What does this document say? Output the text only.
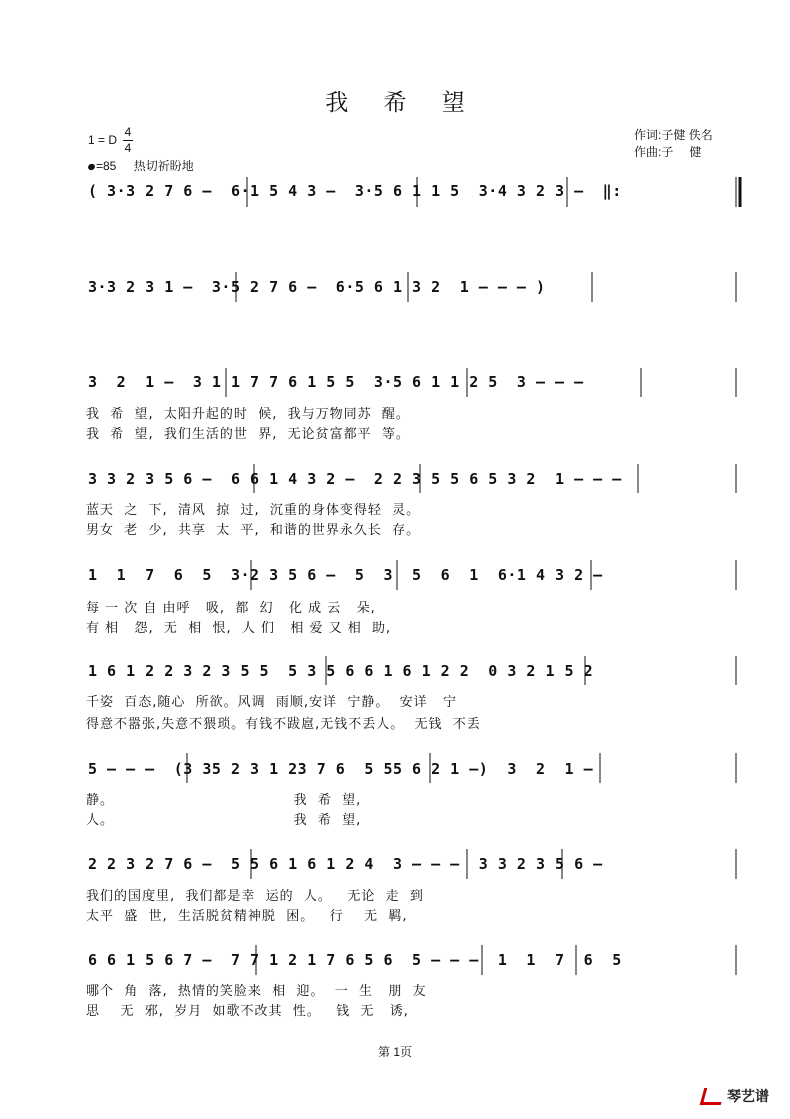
我 希 望
1 = D $\frac{4}{4}$
=85 热切祈盼地
作词:子健 佚名
作曲:子 健
( 3·3 2 7 6 –  6·1 5 4 3 –  3·5 6 1 1 5  3·4 3 2 3 –  ‖:
3·3 2 3 1 –  3·5 2 7 6 –  6·5 6 1 3 2  1 – – – )
3  2  1 –  3 1 1 7 7 6 1 5 5  3·5 6 1 1 2 5  3 – – –
我  希  望,  太阳升起的时  候,  我与万物同苏  醒。
我  希  望,  我们生活的世  界,  无论贫富都平  等。
3 3 2 3 5 6 –  6 6 1 4 3 2 –  2 2 3 5 5 6 5 3 2  1 – – –
蓝天  之  下,  清风  掠  过,  沉重的身体变得轻  灵。
男女  老  少,  共享  太  平,  和谐的世界永久长  存。
1  1  7  6  5  3·2 3 5 6 –  5  3  5  6  1  6·1 4 3 2 –
每 一 次 自 由呼   吸,  都  幻   化 成 云   朵,
有 相   怨,  无  相  恨,  人 们   相 爱 又 相  助,
1 6 1 2 2 3 2 3 5 5  5 3 5 6 6 1 6 1 2 2  0 3 2 1 5 2
千姿  百态,随心  所欲。风调  雨顺,安详  宁静。  安详   宁
得意不嚣张,失意不猥琐。有钱不跋扈,无钱不丢人。  无钱  不丢
5 – – –  (3 35 2 3 1 23 7 6  5 55 6 2 1 –)  3  2  1 –
静。                                   我  希  望,
人。                                   我  希  望,
2 2 3 2 7 6 –  5 5 6 1 6 1 2 4  3 – – –  3 3 2 3 5 6 –
我们的国度里,  我们都是幸  运的  人。   无论  走  到
太平  盛  世,  生活脱贫精神脱  困。   行    无  羁,
6 6 1 5 6 7 –  7 7 1 2 1 7 6 5 6  5 – – –  1  1  7  6  5
哪个  角  落,  热情的笑脸来  相  迎。  一  生   朋  友
思    无  邪,  岁月  如歌不改其  性。   钱  无   诱,
第 1页
琴艺谱
